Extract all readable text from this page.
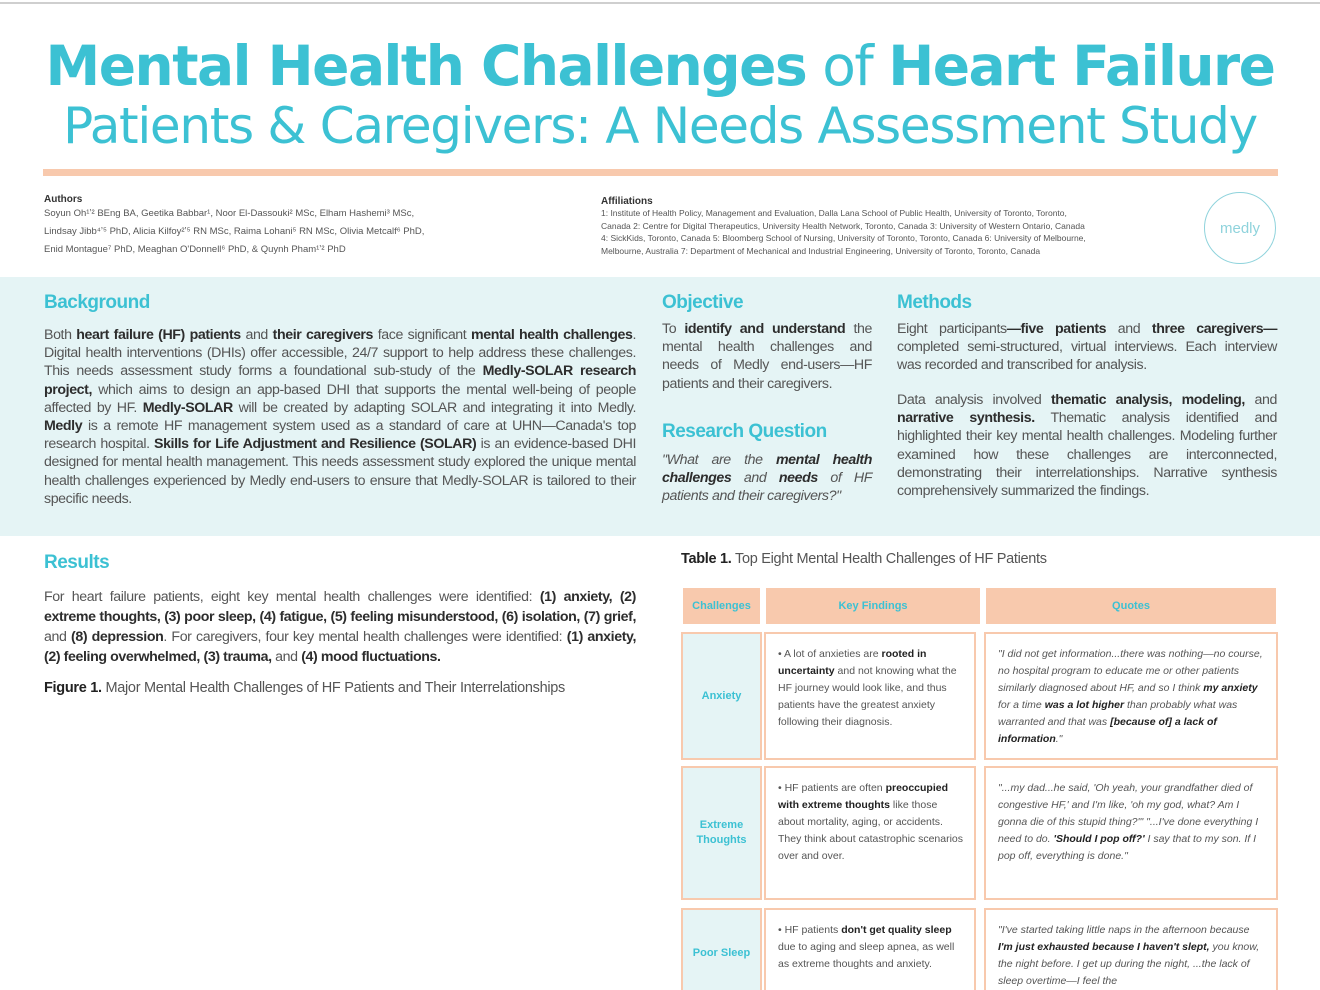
Mental Health Challenges of Heart Failure
Patients & Caregivers: A Needs Assessment Study
Authors
Soyun Oh¹ʼ² BEng BA, Geetika Babbar¹, Noor El-Dassouki² MSc, Elham Hashemi³ MSc,
Lindsay Jibb⁴ʼ⁵ PhD, Alicia Kilfoy²ʼ⁵ RN MSc, Raima Lohani⁵ RN MSc, Olivia Metcalf⁶ PhD,
Enid Montague⁷ PhD, Meaghan O'Donnell⁶ PhD, & Quynh Pham¹ʼ² PhD
Affiliations
1: Institute of Health Policy, Management and Evaluation, Dalla Lana School of Public Health, University of Toronto, Toronto,
Canada 2: Centre for Digital Therapeutics, University Health Network, Toronto, Canada 3: University of Western Ontario, Canada
4: SickKids, Toronto, Canada 5: Bloomberg School of Nursing, University of Toronto, Toronto, Canada 6: University of Melbourne,
Melbourne, Australia 7: Department of Mechanical and Industrial Engineering, University of Toronto, Toronto, Canada
medly
Background
Both heart failure (HF) patients and their caregivers face significant mental health challenges. Digital health interventions (DHIs) offer accessible, 24/7 support to help address these challenges. This needs assessment study forms a foundational sub-study of the Medly-SOLAR research project, which aims to design an app-based DHI that supports the mental well-being of people affected by HF. Medly-SOLAR will be created by adapting SOLAR and integrating it into Medly. Medly is a remote HF management system used as a standard of care at UHN—Canada's top research hospital. Skills for Life Adjustment and Resilience (SOLAR) is an evidence-based DHI designed for mental health management. This needs assessment study explored the unique mental health challenges experienced by Medly end-users to ensure that Medly-SOLAR is tailored to their specific needs.
Objective
To identify and understand the mental health challenges and needs of Medly end-users—HF patients and their caregivers.
Research Question
"What are the mental health challenges and needs of HF patients and their caregivers?"
Methods
Eight participants—five patients and three caregivers— completed semi-structured, virtual interviews. Each interview was recorded and transcribed for analysis.
Data analysis involved thematic analysis, modeling, and narrative synthesis. Thematic analysis identified and highlighted their key mental health challenges. Modeling further examined how these challenges are interconnected, demonstrating their interrelationships. Narrative synthesis comprehensively summarized the findings.
Results
For heart failure patients, eight key mental health challenges were identified: (1) anxiety, (2) extreme thoughts, (3) poor sleep, (4) fatigue, (5) feeling misunderstood, (6) isolation, (7) grief, and (8) depression. For caregivers, four key mental health challenges were identified: (1) anxiety, (2) feeling overwhelmed, (3) trauma, and (4) mood fluctuations.
Figure 1. Major Mental Health Challenges of HF Patients and Their Interrelationships
Table 1. Top Eight Mental Health Challenges of HF Patients
Challenges	Key Findings	Quotes
Anxiety
• A lot of anxieties are rooted in uncertainty and not knowing what the HF journey would look like, and thus patients have the greatest anxiety following their diagnosis.
"I did not get information...there was nothing—no course, no hospital program to educate me or other patients similarly diagnosed about HF, and so I think my anxiety for a time was a lot higher than probably what was warranted and that was [because of] a lack of information."
Extreme Thoughts
• HF patients are often preoccupied with extreme thoughts like those about mortality, aging, or accidents. They think about catastrophic scenarios over and over.
"...my dad...he said, 'Oh yeah, your grandfather died of congestive HF,' and I'm like, 'oh my god, what? Am I gonna die of this stupid thing?'" "...I've done everything I need to do. 'Should I pop off?' I say that to my son. If I pop off, everything is done."
Poor Sleep
• HF patients don't get quality sleep due to aging and sleep apnea, as well as extreme thoughts and anxiety.
"I've started taking little naps in the afternoon because I'm just exhausted because I haven't slept, you know, the night before. I get up during the night, ...the lack of sleep overtime—I feel the
